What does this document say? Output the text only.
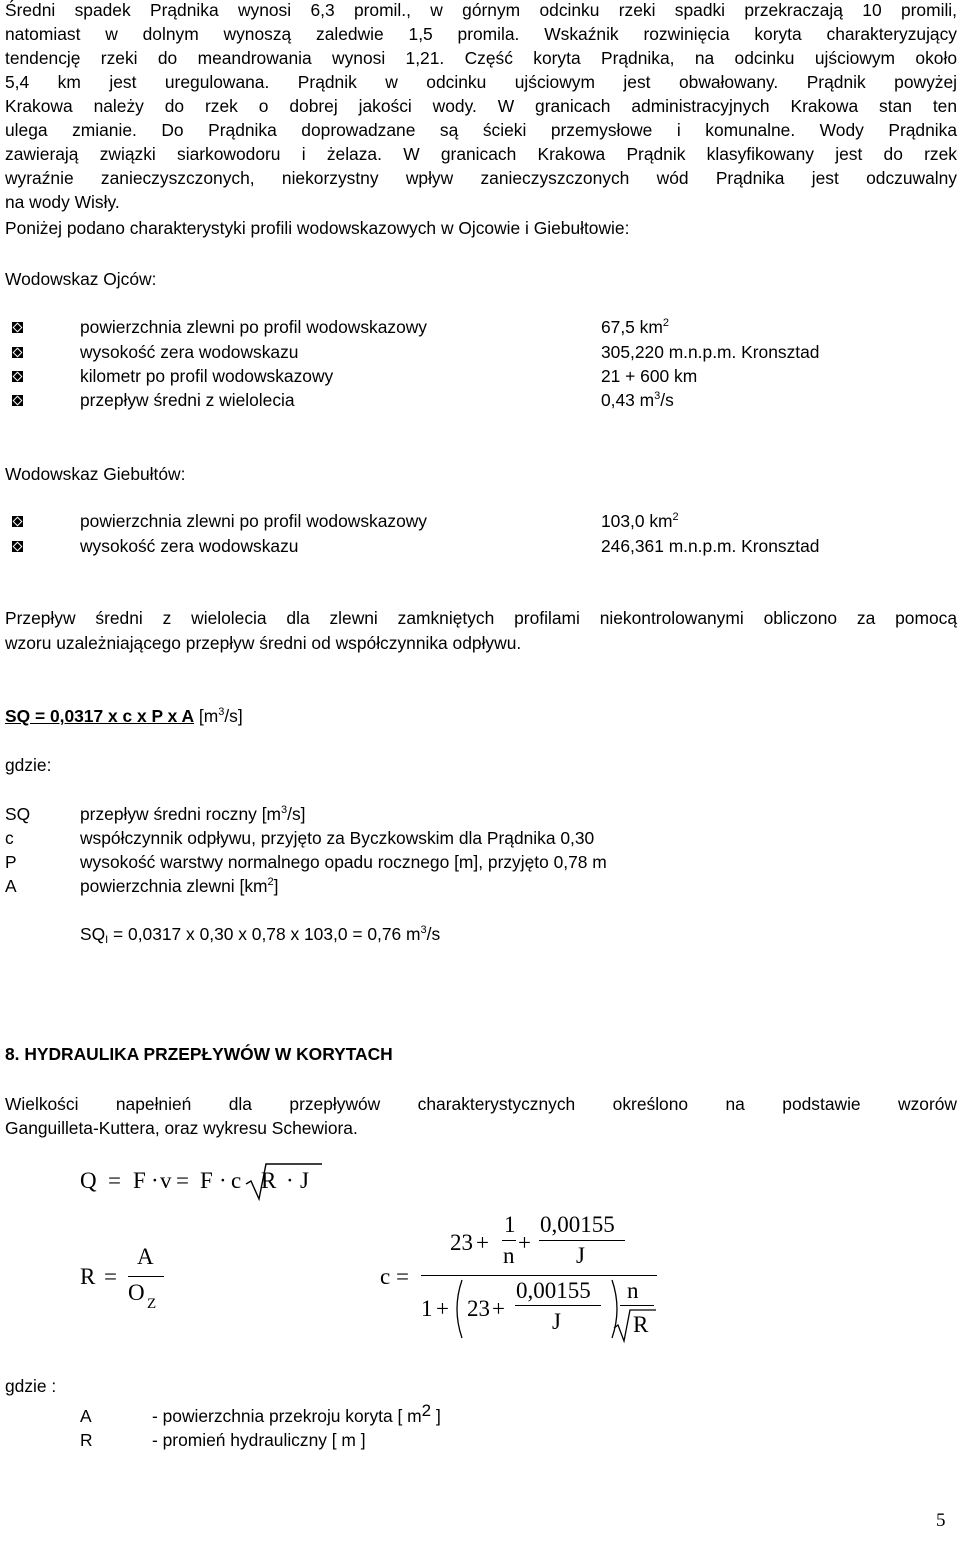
Średni spadek Prądnika wynosi 6,3 promil., w górnym odcinku rzeki spadki przekraczają 10 promili,
natomiast w dolnym wynoszą zaledwie 1,5 promila. Wskaźnik rozwinięcia koryta charakteryzujący
tendencję rzeki do meandrowania wynosi 1,21. Część koryta Prądnika, na odcinku ujściowym około
5,4 km jest uregulowana. Prądnik w odcinku ujściowym jest obwałowany. Prądnik powyżej
Krakowa należy do rzek o dobrej jakości wody. W granicach administracyjnych Krakowa stan ten
ulega zmianie. Do Prądnika doprowadzane są ścieki przemysłowe i komunalne. Wody Prądnika
zawierają związki siarkowodoru i żelaza. W granicach Krakowa Prądnik klasyfikowany jest do rzek
wyraźnie zanieczyszczonych, niekorzystny wpływ zanieczyszczonych wód Prądnika jest odczuwalny
na wody Wisły.
Poniżej podano charakterystyki profili wodowskazowych w Ojcowie i Giebułtowie:
Wodowskaz Ojców:
powierzchnia zlewni po profil wodowskazowy	67,5 $km^2$
wysokość zera wodowskazu	305,220 m.n.p.m. Kronsztad
kilometr po profil wodowskazowy	21 + 600 km
przepływ średni z wielolecia	0,43 $m^3/s$
Wodowskaz Giebułtów:
powierzchnia zlewni po profil wodowskazowy	103,0 $km^2$
wysokość zera wodowskazu	246,361 m.n.p.m. Kronsztad
Przepływ średni z wielolecia dla zlewni zamkniętych profilami niekontrolowanymi obliczono za pomocą
wzoru uzależniającego przepływ średni od współczynnika odpływu.
SQ = 0,0317 x c x P x A $[m^3/s]$
gdzie:
SQ	przepływ średni roczny $[m^3/s]$
c	współczynnik odpływu, przyjęto za Byczkowskim dla Prądnika 0,30
P	wysokość warstwy normalnego opadu rocznego [m], przyjęto 0,78 m
A	powierzchnia zlewni $[km^2]$
$SQ_I = 0,0317$ x 0,30 x 0,78 x 103,0 = 0,76 $m^3/s$
8. HYDRAULIKA PRZEPŁYWÓW W KORYTACH
Wielkości napełnień dla przepływów charakterystycznych określono na podstawie wzorów
Ganguilleta-Kuttera, oraz wykresu Schewiora.
Q = F · v = F · c R · J
R =
A
O Z
c =
23 +
1
n
+
0,00155
J
1 + 23 +
0,00155
J
n
R
gdzie :
A	- powierzchnia przekroju koryta [ $m^2$ ]
R	- promień hydrauliczny [ m ]
5
